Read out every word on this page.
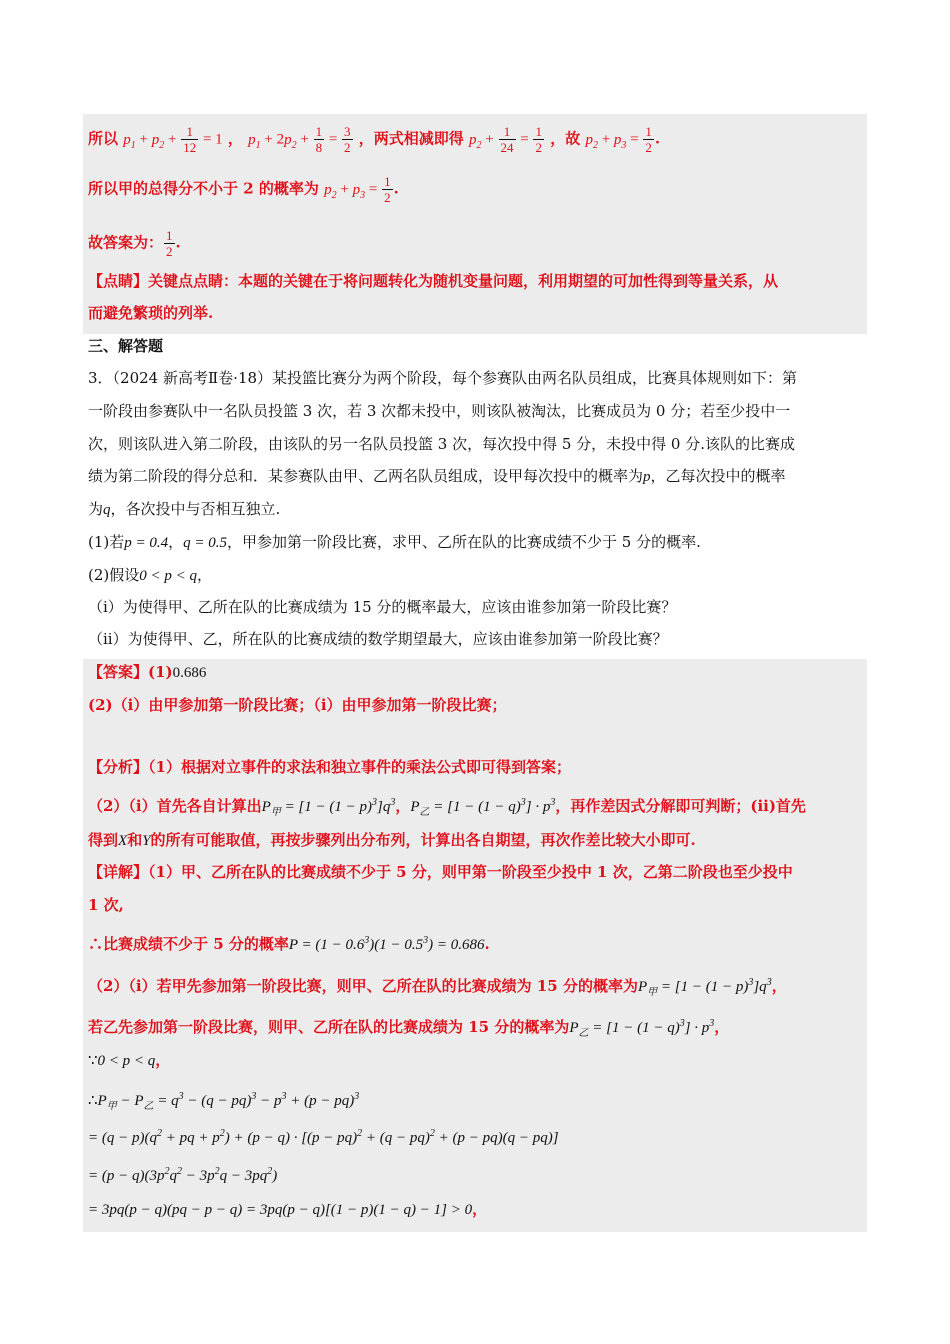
所以 $p_1 + p_2 + \frac{1}{12} = 1$ ， $p_1 + 2p_2 + \frac{1}{8} = \frac{3}{2}$ ，两式相减即得 $p_2 + \frac{1}{24} = \frac{1}{2}$ ，故 $p_2 + p_3 = \frac{1}{2}$ .
所以甲的总得分不小于 2 的概率为 $p_2 + p_3 = \frac{1}{2}$ .
故答案为： $\frac{1}{2}$ .
【点睛】关键点点睛：本题的关键在于将问题转化为随机变量问题，利用期望的可加性得到等量关系，从
而避免繁琐的列举.
三、解答题
3．（2024 新高考Ⅱ卷·18）某投篮比赛分为两个阶段，每个参赛队由两名队员组成，比赛具体规则如下：第
一阶段由参赛队中一名队员投篮 3 次，若 3 次都未投中，则该队被淘汰，比赛成员为 0 分；若至少投中一
次，则该队进入第二阶段，由该队的另一名队员投篮 3 次，每次投中得 5 分，未投中得 0 分.该队的比赛成
绩为第二阶段的得分总和．某参赛队由甲、乙两名队员组成，设甲每次投中的概率为p，乙每次投中的概率
为q，各次投中与否相互独立.
(1)若p = 0.4，q = 0.5，甲参加第一阶段比赛，求甲、乙所在队的比赛成绩不少于 5 分的概率.
(2)假设0 < p < q，
（i）为使得甲、乙所在队的比赛成绩为 15 分的概率最大，应该由谁参加第一阶段比赛？
（ii）为使得甲、乙，所在队的比赛成绩的数学期望最大，应该由谁参加第一阶段比赛？
【答案】(1)0.686
(2)（i）由甲参加第一阶段比赛；（i）由甲参加第一阶段比赛；
【分析】（1）根据对立事件的求法和独立事件的乘法公式即可得到答案；
（2）（i）首先各自计算出$P_甲 = [1 - (1 - p)^3]q^3$，$P_乙 = [1 - (1 - q)^3] \cdot p^3$，再作差因式分解即可判断；(ii)首先
得到X和Y的所有可能取值，再按步骤列出分布列，计算出各自期望，再次作差比较大小即可.
【详解】（1）甲、乙所在队的比赛成绩不少于 5 分，则甲第一阶段至少投中 1 次，乙第二阶段也至少投中
1 次,
∴比赛成绩不少于 5 分的概率$P = (1 - 0.6^3)(1 - 0.5^3) = 0.686$.
（2）（i）若甲先参加第一阶段比赛，则甲、乙所在队的比赛成绩为 15 分的概率为$P_甲 = [1 - (1 - p)^3]q^3$，
若乙先参加第一阶段比赛，则甲、乙所在队的比赛成绩为 15 分的概率为$P_乙 = [1 - (1 - q)^3] \cdot p^3$，
∵0 < p < q，
$\therefore P_甲 - P_乙 = q^3 - (q - pq)^3 - p^3 + (p - pq)^3$
= $(q - p)(q^2$ + pq + $p^2) + (p - q) \cdot [(p - pq)^2 + (q - pq)^2 + (p - pq)(q - pq)]$
= $(p - q)(3p^2q^2 - 3p^2q - 3pq^2)$
= 3pq(p − q)(pq − p − q) = 3pq(p − q)[(1 − p)(1 − q) − 1] > 0，
